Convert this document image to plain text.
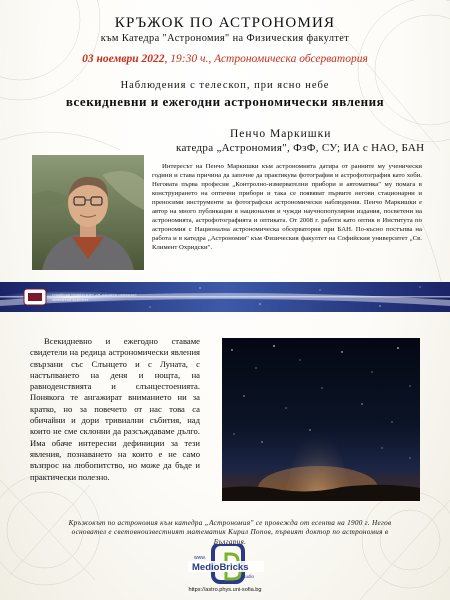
КРЪЖОК ПО АСТРОНОМИЯ
към Катедра "Астрономия" на Физическия факултет
03 ноември 2022, 19:30 ч., Астрономическа обсерватория
Наблюдения с телескоп, при ясно небе
всекидневни и ежегодни астрономически явления
Пенчо Маркишки
катедра „Астрономия", ФзФ, СУ; ИА с НАО, БАН

Интересът на Пенчо Маркишки към астрономията датира от ранните му ученически години и става причина да започне да практикува фотография и астрофотография като хоби. Неговата първа професия „Контролно-измервателни прибори и автоматика" му помага в конструирането на оптични прибори и така се появяват първите негови стационарни и преносими инструменти за фотографски астрономически наблюдения. Пенчо Маркишки е автор на много публикации в национални и чужди научнопопулярни издания, посветени на астрономията, астрофотографията и оптиката. От 2008 г. работи като оптик в Института по астрономия с Национална астрономическа обсерватория при БАН. По-късно постъпва на работа и в катедра „Астрономия" към Физическия факултет на Софийския университет „Св. Климент Охридски".

СОФИЙСКИ УНИВЕРСИТЕТ „СВ. КЛИМЕНТ ОХРИДСКИ"
ФИЗИЧЕСКИ ФАКУЛТЕТ

Всекидневно и ежегодно ставаме свидетели на редица астрономически явления свързани със Слънцето и с Луната, с настъпването на деня и нощта, на равноденствията и слънцестоенията. Понякога те ангажират вниманието ни за кратко, но за повечето от нас това са обичайни и дори тривиални събития, над които не сме склонни да разсъждаваме дълго. Има обаче интересни дефиниции за тези явления, познаването на които е не само възпрос на любопитство, но може да бъде и практически полезно.

Кръжокът по астрономия към катедра „Астрономия" се провежда от есента на 1900 г. Негов основател е световноизвестният математик Кирил Попов, първият доктор по астрономия в България.

www.
MedioBricks
studio
https://astro.phys.uni-sofia.bg
